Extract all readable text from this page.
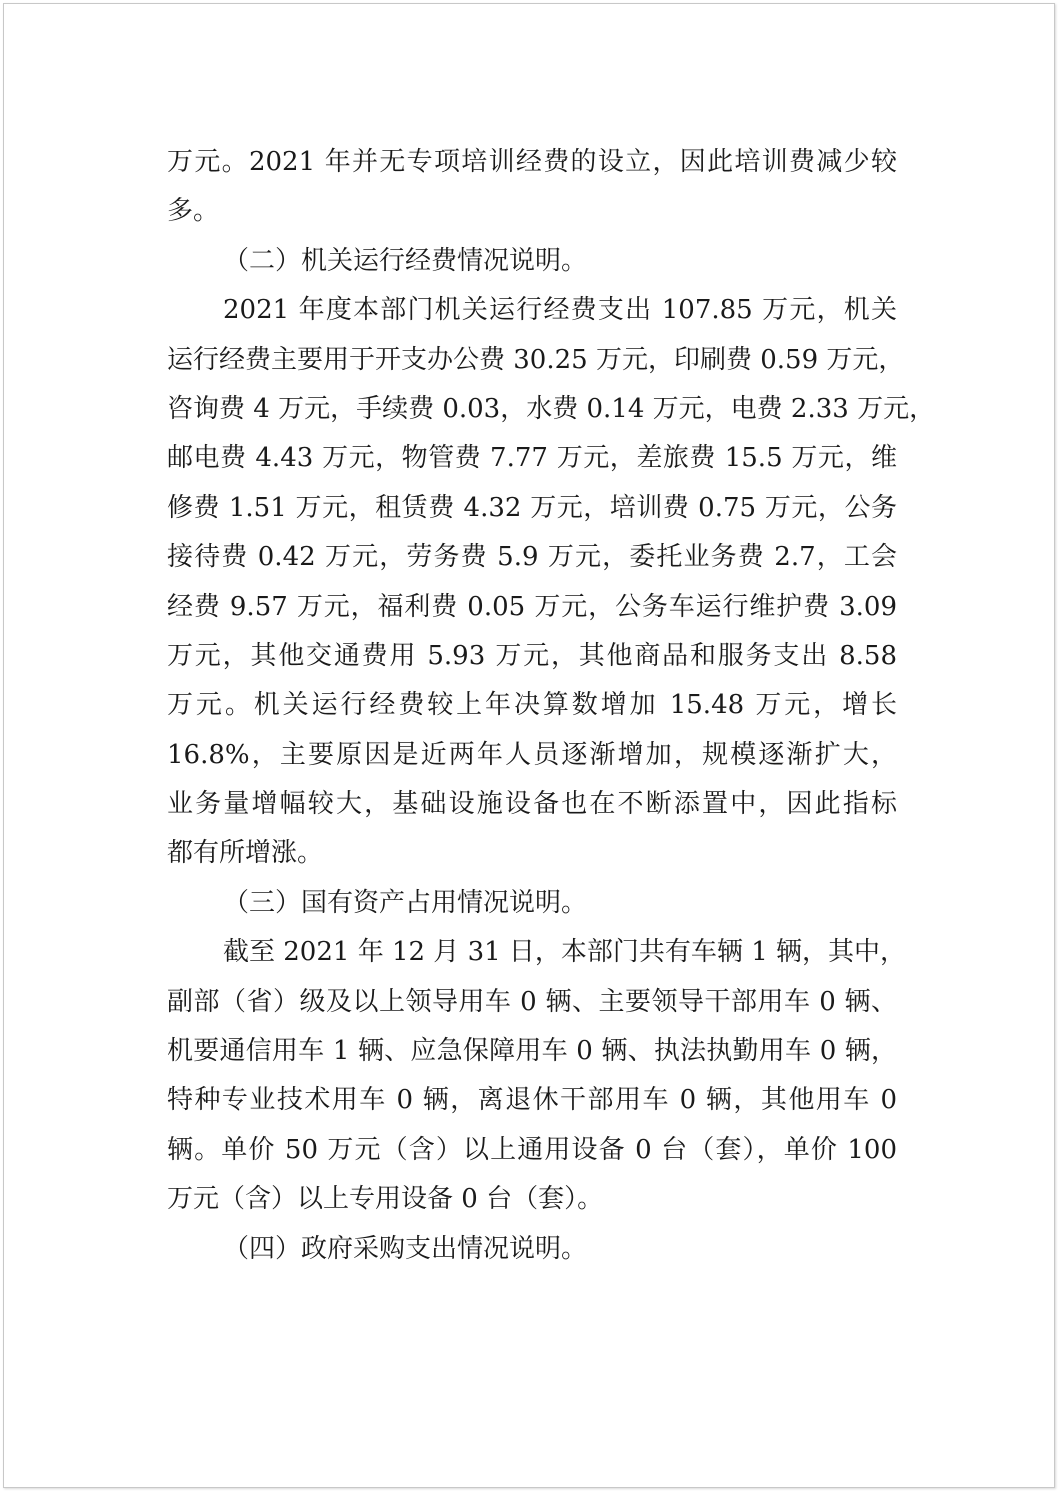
万元。2021 年并无专项培训经费的设立，因此培训费减少较
多。
（二）机关运行经费情况说明。
2021 年度本部门机关运行经费支出 107.85 万元，机关
运行经费主要用于开支办公费 30.25 万元，印刷费 0.59 万元，
咨询费 4 万元，手续费 0.03，水费 0.14 万元，电费 2.33 万元，
邮电费 4.43 万元，物管费 7.77 万元，差旅费 15.5 万元，维
修费 1.51 万元，租赁费 4.32 万元，培训费 0.75 万元，公务
接待费 0.42 万元，劳务费 5.9 万元，委托业务费 2.7，工会
经费 9.57 万元，福利费 0.05 万元，公务车运行维护费 3.09
万元，其他交通费用 5.93 万元，其他商品和服务支出 8.58
万元。机关运行经费较上年决算数增加 15.48 万元，增长
16.8%，主要原因是近两年人员逐渐增加，规模逐渐扩大，
业务量增幅较大，基础设施设备也在不断添置中，因此指标
都有所增涨。
（三）国有资产占用情况说明。
截至 2021 年 12 月 31 日，本部门共有车辆 1 辆，其中，
副部（省）级及以上领导用车 0 辆、主要领导干部用车 0 辆、
机要通信用车 1 辆、应急保障用车 0 辆、执法执勤用车 0 辆，
特种专业技术用车 0 辆，离退休干部用车 0 辆，其他用车 0
辆。单价 50 万元（含）以上通用设备 0 台（套），单价 100
万元（含）以上专用设备 0 台（套）。
（四）政府采购支出情况说明。
